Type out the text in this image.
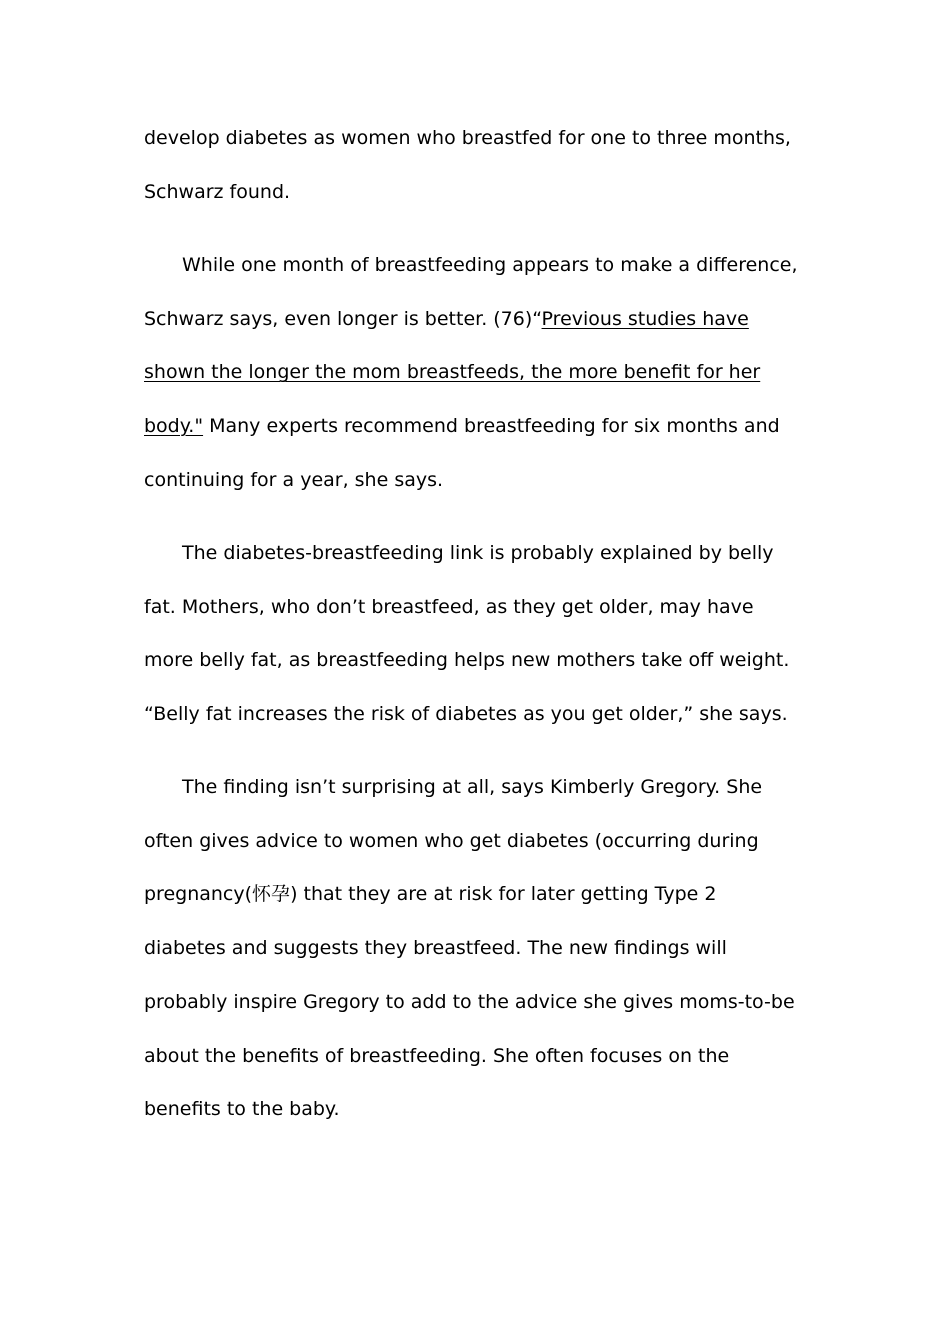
develop diabetes as women who breastfed for one to three months,
Schwarz found.

While one month of breastfeeding appears to make a difference,
Schwarz says, even longer is better. (76)“Previous studies have
shown the longer the mom breastfeeds, the more benefit for her
body." Many experts recommend breastfeeding for six months and
continuing for a year, she says.

The diabetes-breastfeeding link is probably explained by belly
fat. Mothers, who don’t breastfeed, as they get older, may have
more belly fat, as breastfeeding helps new mothers take off weight.
“Belly fat increases the risk of diabetes as you get older,” she says.

The finding isn’t surprising at all, says Kimberly Gregory. She
often gives advice to women who get diabetes (occurring during
pregnancy(怀孕) that they are at risk for later getting Type 2
diabetes and suggests they breastfeed. The new findings will
probably inspire Gregory to add to the advice she gives moms-to-be
about the benefits of breastfeeding. She often focuses on the
benefits to the baby.
